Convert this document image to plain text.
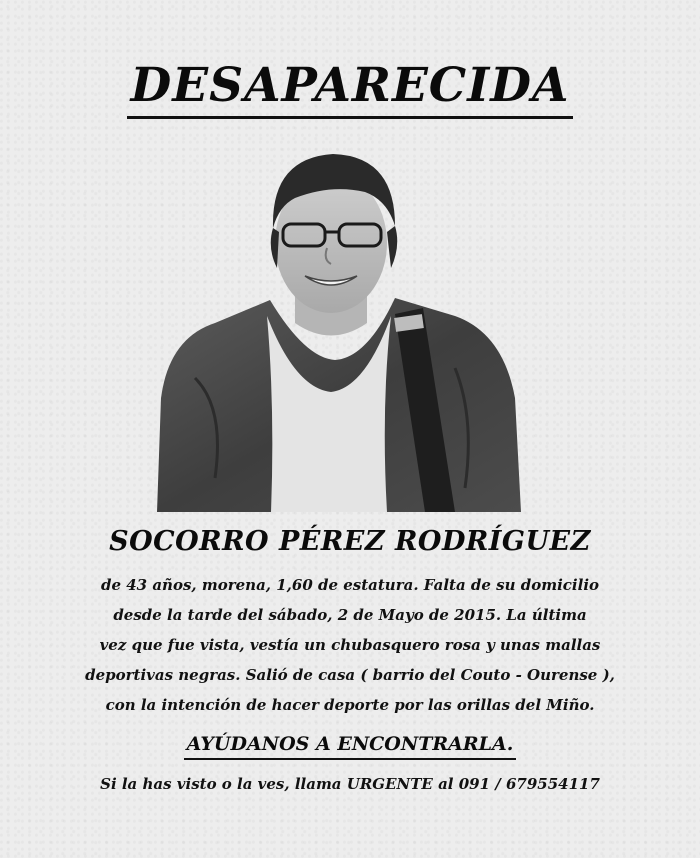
DESAPARECIDA
SOCORRO PÉREZ RODRÍGUEZ
de 43 años, morena, 1,60 de estatura. Falta de su domicilio
desde la tarde del sábado, 2 de Mayo de 2015. La última
vez que fue vista, vestía un chubasquero rosa y unas mallas
deportivas negras. Salió de casa ( barrio del Couto - Ourense ),
con la intención de hacer deporte por las orillas del Miño.
AYÚDANOS A ENCONTRARLA.
Si la has visto o la ves, llama URGENTE al 091 / 679554117
